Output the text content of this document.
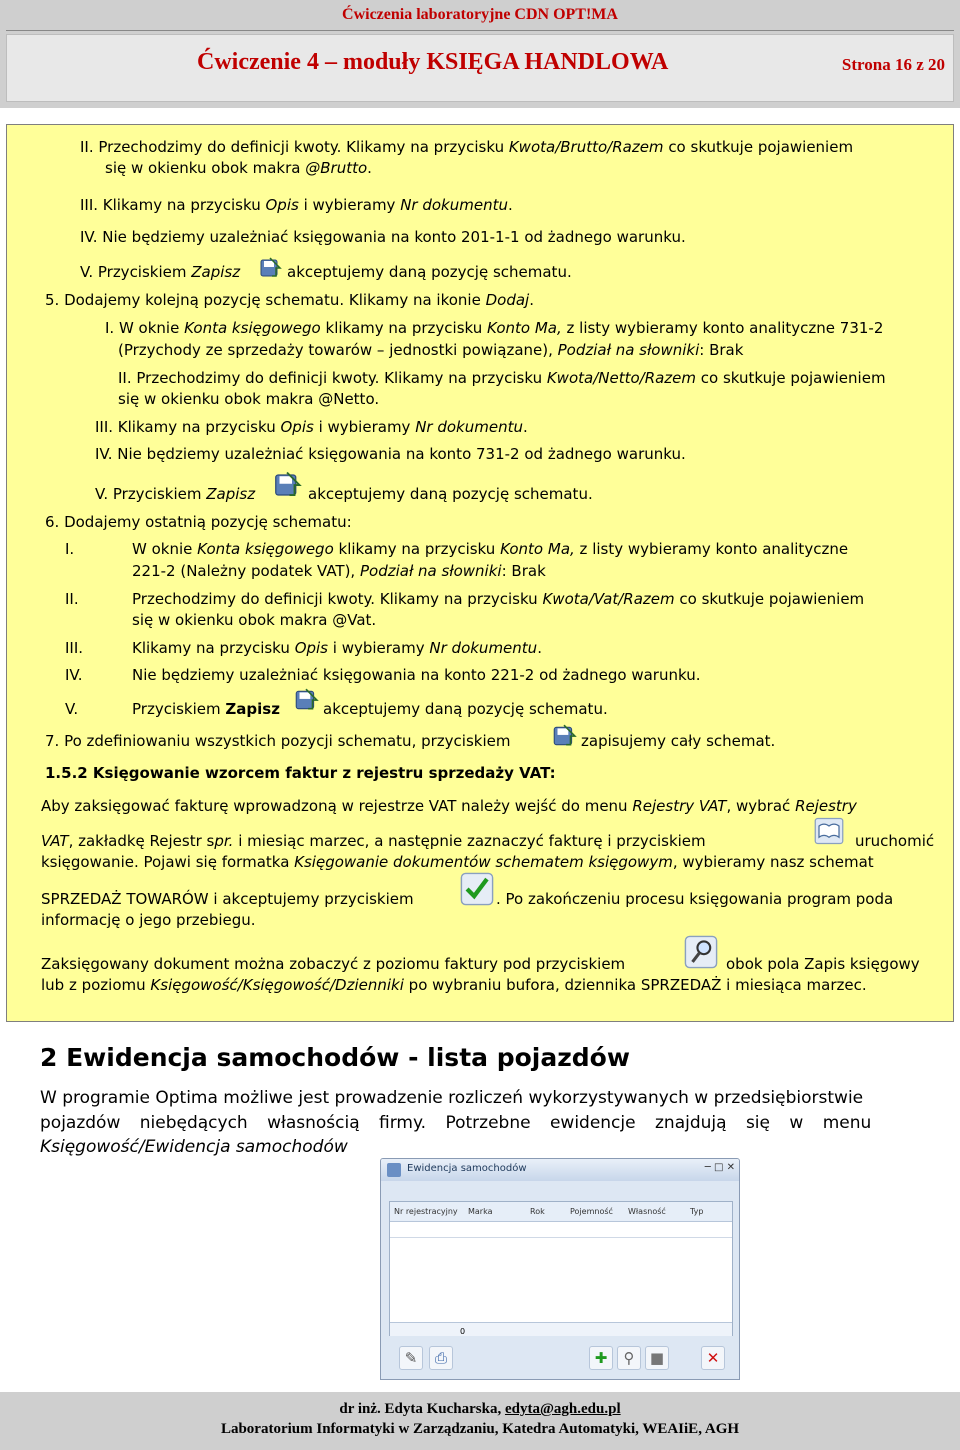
Ćwiczenia laboratoryjne CDN OPT!MA
Ćwiczenie 4 – moduły KSIĘGA HANDLOWA	Strona 16 z 20
II. Przechodzimy do definicji kwoty. Klikamy na przycisku Kwota/Brutto/Razem co skutkuje pojawieniem
się w okienku obok makra @Brutto.
III. Klikamy na przycisku Opis i wybieramy Nr dokumentu.
IV. Nie będziemy uzależniać księgowania na konto 201-1-1 od żadnego warunku.
V. Przyciskiem Zapisz	akceptujemy daną pozycję schematu.
5. Dodajemy kolejną pozycję schematu. Klikamy na ikonie Dodaj.
I. W oknie Konta księgowego klikamy na przycisku Konto Ma, z listy wybieramy konto analityczne 731-2
(Przychody ze sprzedaży towarów – jednostki powiązane), Podział na słowniki: Brak
II. Przechodzimy do definicji kwoty. Klikamy na przycisku Kwota/Netto/Razem co skutkuje pojawieniem
się w okienku obok makra @Netto.
III. Klikamy na przycisku Opis i wybieramy Nr dokumentu.
IV. Nie będziemy uzależniać księgowania na konto 731-2 od żadnego warunku.
V. Przyciskiem Zapisz	akceptujemy daną pozycję schematu.
6. Dodajemy ostatnią pozycję schematu:
I.	W oknie Konta księgowego klikamy na przycisku Konto Ma, z listy wybieramy konto analityczne
221-2 (Należny podatek VAT), Podział na słowniki: Brak
II.	Przechodzimy do definicji kwoty. Klikamy na przycisku Kwota/Vat/Razem co skutkuje pojawieniem
się w okienku obok makra @Vat.
III.	Klikamy na przycisku Opis i wybieramy Nr dokumentu.
IV.	Nie będziemy uzależniać księgowania na konto 221-2 od żadnego warunku.
V.	Przyciskiem Zapisz	akceptujemy daną pozycję schematu.
7. Po zdefiniowaniu wszystkich pozycji schematu, przyciskiem	zapisujemy cały schemat.
1.5.2 Księgowanie wzorcem faktur z rejestru sprzedaży VAT:
Aby zaksięgować fakturę wprowadzoną w rejestrze VAT należy wejść do menu Rejestry VAT, wybrać Rejestry
VAT, zakładkę Rejestr spr. i miesiąc marzec, a następnie zaznaczyć fakturę i przyciskiem	uruchomić
księgowanie. Pojawi się formatka Księgowanie dokumentów schematem księgowym, wybieramy nasz schemat
SPRZEDAŻ TOWARÓW i akceptujemy przyciskiem	. Po zakończeniu procesu księgowania program poda
informację o jego przebiegu.
Zaksięgowany dokument można zobaczyć z poziomu faktury pod przyciskiem	obok pola Zapis księgowy
lub z poziomu Księgowość/Księgowość/Dzienniki po wybraniu bufora, dziennika SPRZEDAŻ i miesiąca marzec.
2 Ewidencja samochodów - lista pojazdów
W programie Optima możliwe jest prowadzenie rozliczeń wykorzystywanych w przedsiębiorstwie
pojazdów niebędących własnością firmy. Potrzebne ewidencje znajdują się w menu
Księgowość/Ewidencja samochodów
Ewidencja samochodów	─ □ ✕
Nr rejestracyjny Marka	Rok	Pojemność Własność	Typ
0
✎	⎙	✚	⚲	■	✕
dr inż. Edyta Kucharska, edyta@agh.edu.pl
Laboratorium Informatyki w Zarządzaniu, Katedra Automatyki, WEAIiE, AGH
